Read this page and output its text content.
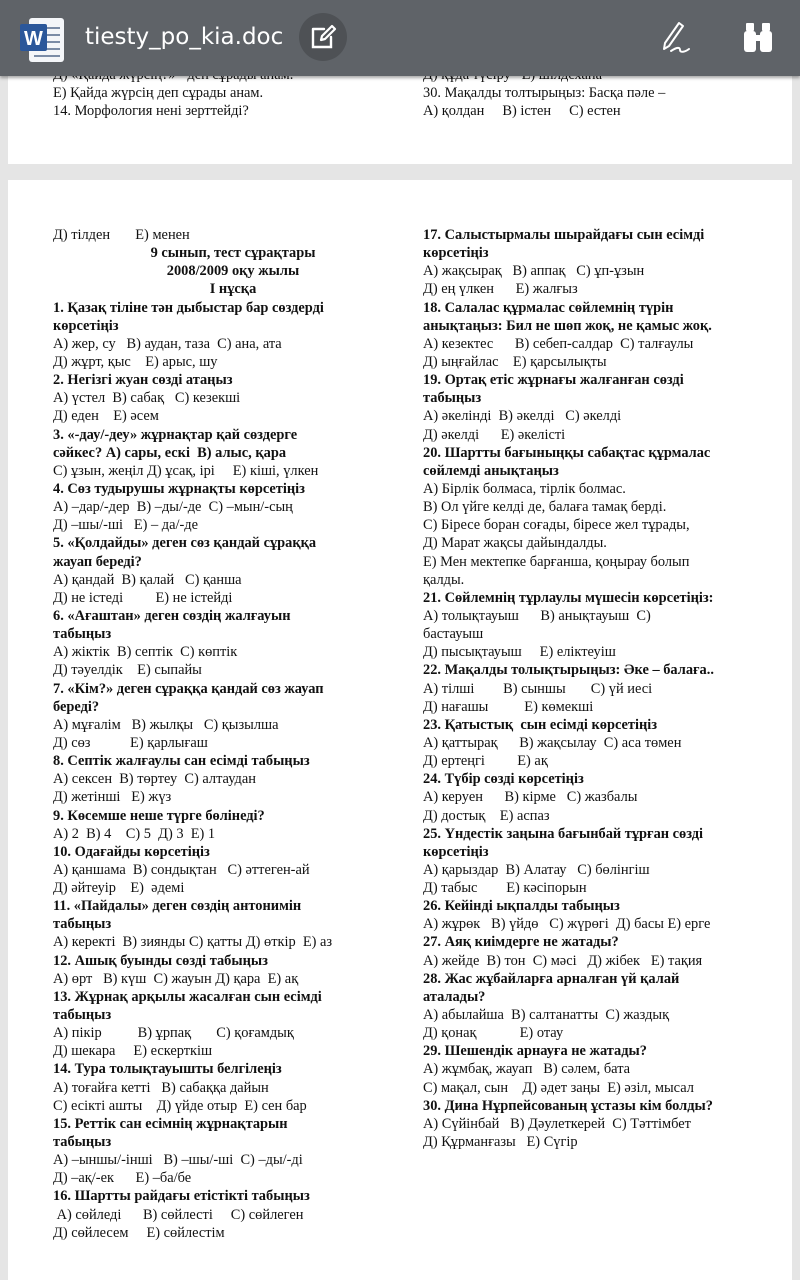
Е) Қайда жүрсің деп сұрады анам.
14. Морфология нені зерттейді?
30. Мақалды толтырыңыз: Басқа пәле –
А) қолдан     В) істен     С) естен
Д) тілден       Е) менен
9 сынып, тест сұрақтары
2008/2009 оқу жылы
І нұсқа
1. Қазақ тіліне тән дыбыстар бар сөздерді
көрсетіңіз
А) жер, су   В) аудан, таза  С) ана, ата
Д) жұрт, қыс    Е) арыс, шу
2. Негізгі жуан сөзді атаңыз
А) үстел  В) сабақ   С) кезекші
Д) еден    Е) әсем
3. «-дау/-деу» жұрнақтар қай сөздерге
сәйкес? А) сары, ескі  В) алыс, қара
С) ұзын, жеңіл Д) ұсақ, ірі     Е) кіші, үлкен
4. Сөз тудырушы жұрнақты көрсетіңіз
А) –дар/-дер  В) –ды/-де  С) –мын/-сың
Д) –шы/-ші   Е) – да/-де
5. «Қолдайды» деген сөз қандай сұраққа
жауап береді?
А) қандай  В) қалай   С) қанша
Д) не істеді         Е) не істейді
6. «Ағаштан» деген сөздің жалғауын
табыңыз
А) жіктік  В) септік  С) көптік
Д) тәуелдік    Е) сыпайы
7. «Кім?» деген сұраққа қандай сөз жауап
береді?
А) мұғалім   В) жылқы   С) қызылша
Д) сөз           Е) қарлығаш
8. Септік жалғаулы сан есімді табыңыз
А) сексен  В) төртеу  С) алтаудан
Д) жетінші   Е) жүз
9. Көсемше неше түрге бөлінеді?
А) 2  В) 4    С) 5  Д) 3  Е) 1
10. Одағайды көрсетіңіз
А) қаншама  В) сондықтан   С) әттеген-ай
Д) әйтеуір    Е)  әдемі
11. «Пайдалы» деген сөздің антонимін
табыңыз
А) керекті  В) зиянды С) қатты Д) өткір  Е) аз
12. Ашық буынды сөзді табыңыз
А) өрт   В) күш  С) жауын Д) қара  Е) ақ
13. Жұрнақ арқылы жасалған сын есімді
табыңыз
А) пікір          В) ұрпақ       С) қоғамдық
Д) шекара     Е) ескерткіш
14. Тура толықтауышты белгілеңіз
А) тоғайға кетті   В) сабаққа дайын
С) есікті ашты    Д) үйде отыр  Е) сен бар
15. Реттік сан есімнің жұрнақтарын
табыңыз
А) –ыншы/-інші   В) –шы/-ші  С) –ды/-ді
Д) –ақ/-ек      Е) –ба/бе
16. Шартты райдағы етістікті табыңыз
А) сөйледі      В) сөйлесті     С) сөйлеген
Д) сөйлесем     Е) сөйлестім
17. Салыстырмалы шырайдағы сын есімді
көрсетіңіз
А) жақсырақ   В) аппақ   С) ұп-ұзын
Д) ең үлкен      Е) жалғыз
18. Салалас құрмалас сөйлемнің түрін
анықтаңыз: Бил не шөп жоқ, не қамыс жоқ.
А) кезектес      В) себеп-салдар  С) талғаулы
Д) ыңғайлас    Е) қарсылықты
19. Ортақ етіс жұрнағы жалғанған сөзді
табыңыз
А) әкелінді  В) әкелдi   С) әкелді
Д) әкелді      Е) әкелісті
20. Шартты бағыныңқы сабақтас құрмалас
сөйлемді анықтаңыз
А) Бірлік болмаса, тірлік болмас.
В) Ол үйге келді де, балаға тамақ берді.
С) Біресе боран соғады, біресе жел тұрады,
Д) Марат жақсы дайындалды.
Е) Мен мектепке барғанша, қоңырау болып
қалды.
21. Сөйлемнің тұрлаулы мүшесін көрсетіңіз:
А) толықтауыш      В) анықтауыш  С)
бастауыш
Д) пысықтауыш     Е) еліктеуіш
22. Мақалды толықтырыңыз: Әке – балаға..
А) тілші        В) сыншы       С) үй иесі
Д) нағашы          Е) көмекші
23. Қатыстық  сын есімді көрсетіңіз
А) қаттырақ      В) жақсылау  С) аса төмен
Д) ертеңгі         Е) ақ
24. Түбір сөзді көрсетіңіз
А) керуен      В) кірме   С) жазбалы
Д) достық    Е) аспаз
25. Үндестік заңына бағынбай тұрған сөзді
көрсетіңіз
А) қарыздар  В) Алатау   С) бөлінгіш
Д) табыс        Е) кәсіпорын
26. Кейінді ықпалды табыңыз
А) жұрөк   В) үйдө   С) жүрөгі  Д) басы Е) ерге
27. Аяқ киімдерге не жатады?
А) жейде  В) тон  С) мәсі   Д) жібек   Е) тақия
28. Жас жұбайларға арналған үй қалай
аталады?
А) абылайша  В) салтанатты  С) жаздық
Д) қонақ            Е) отау
29. Шешендік арнауға не жатады?
А) жұмбақ, жауап   В) сәлем, бата
С) мақал, сын    Д) әдет заңы  Е) әзіл, мысал
30. Дина Нұрпейсованың ұстазы кім болды?
А) Сүйінбай   В) Дәулеткерей  С) Тәттімбет
Д) Құрманғазы   Е) Сүгір
W tiesty_po_kia.doc
